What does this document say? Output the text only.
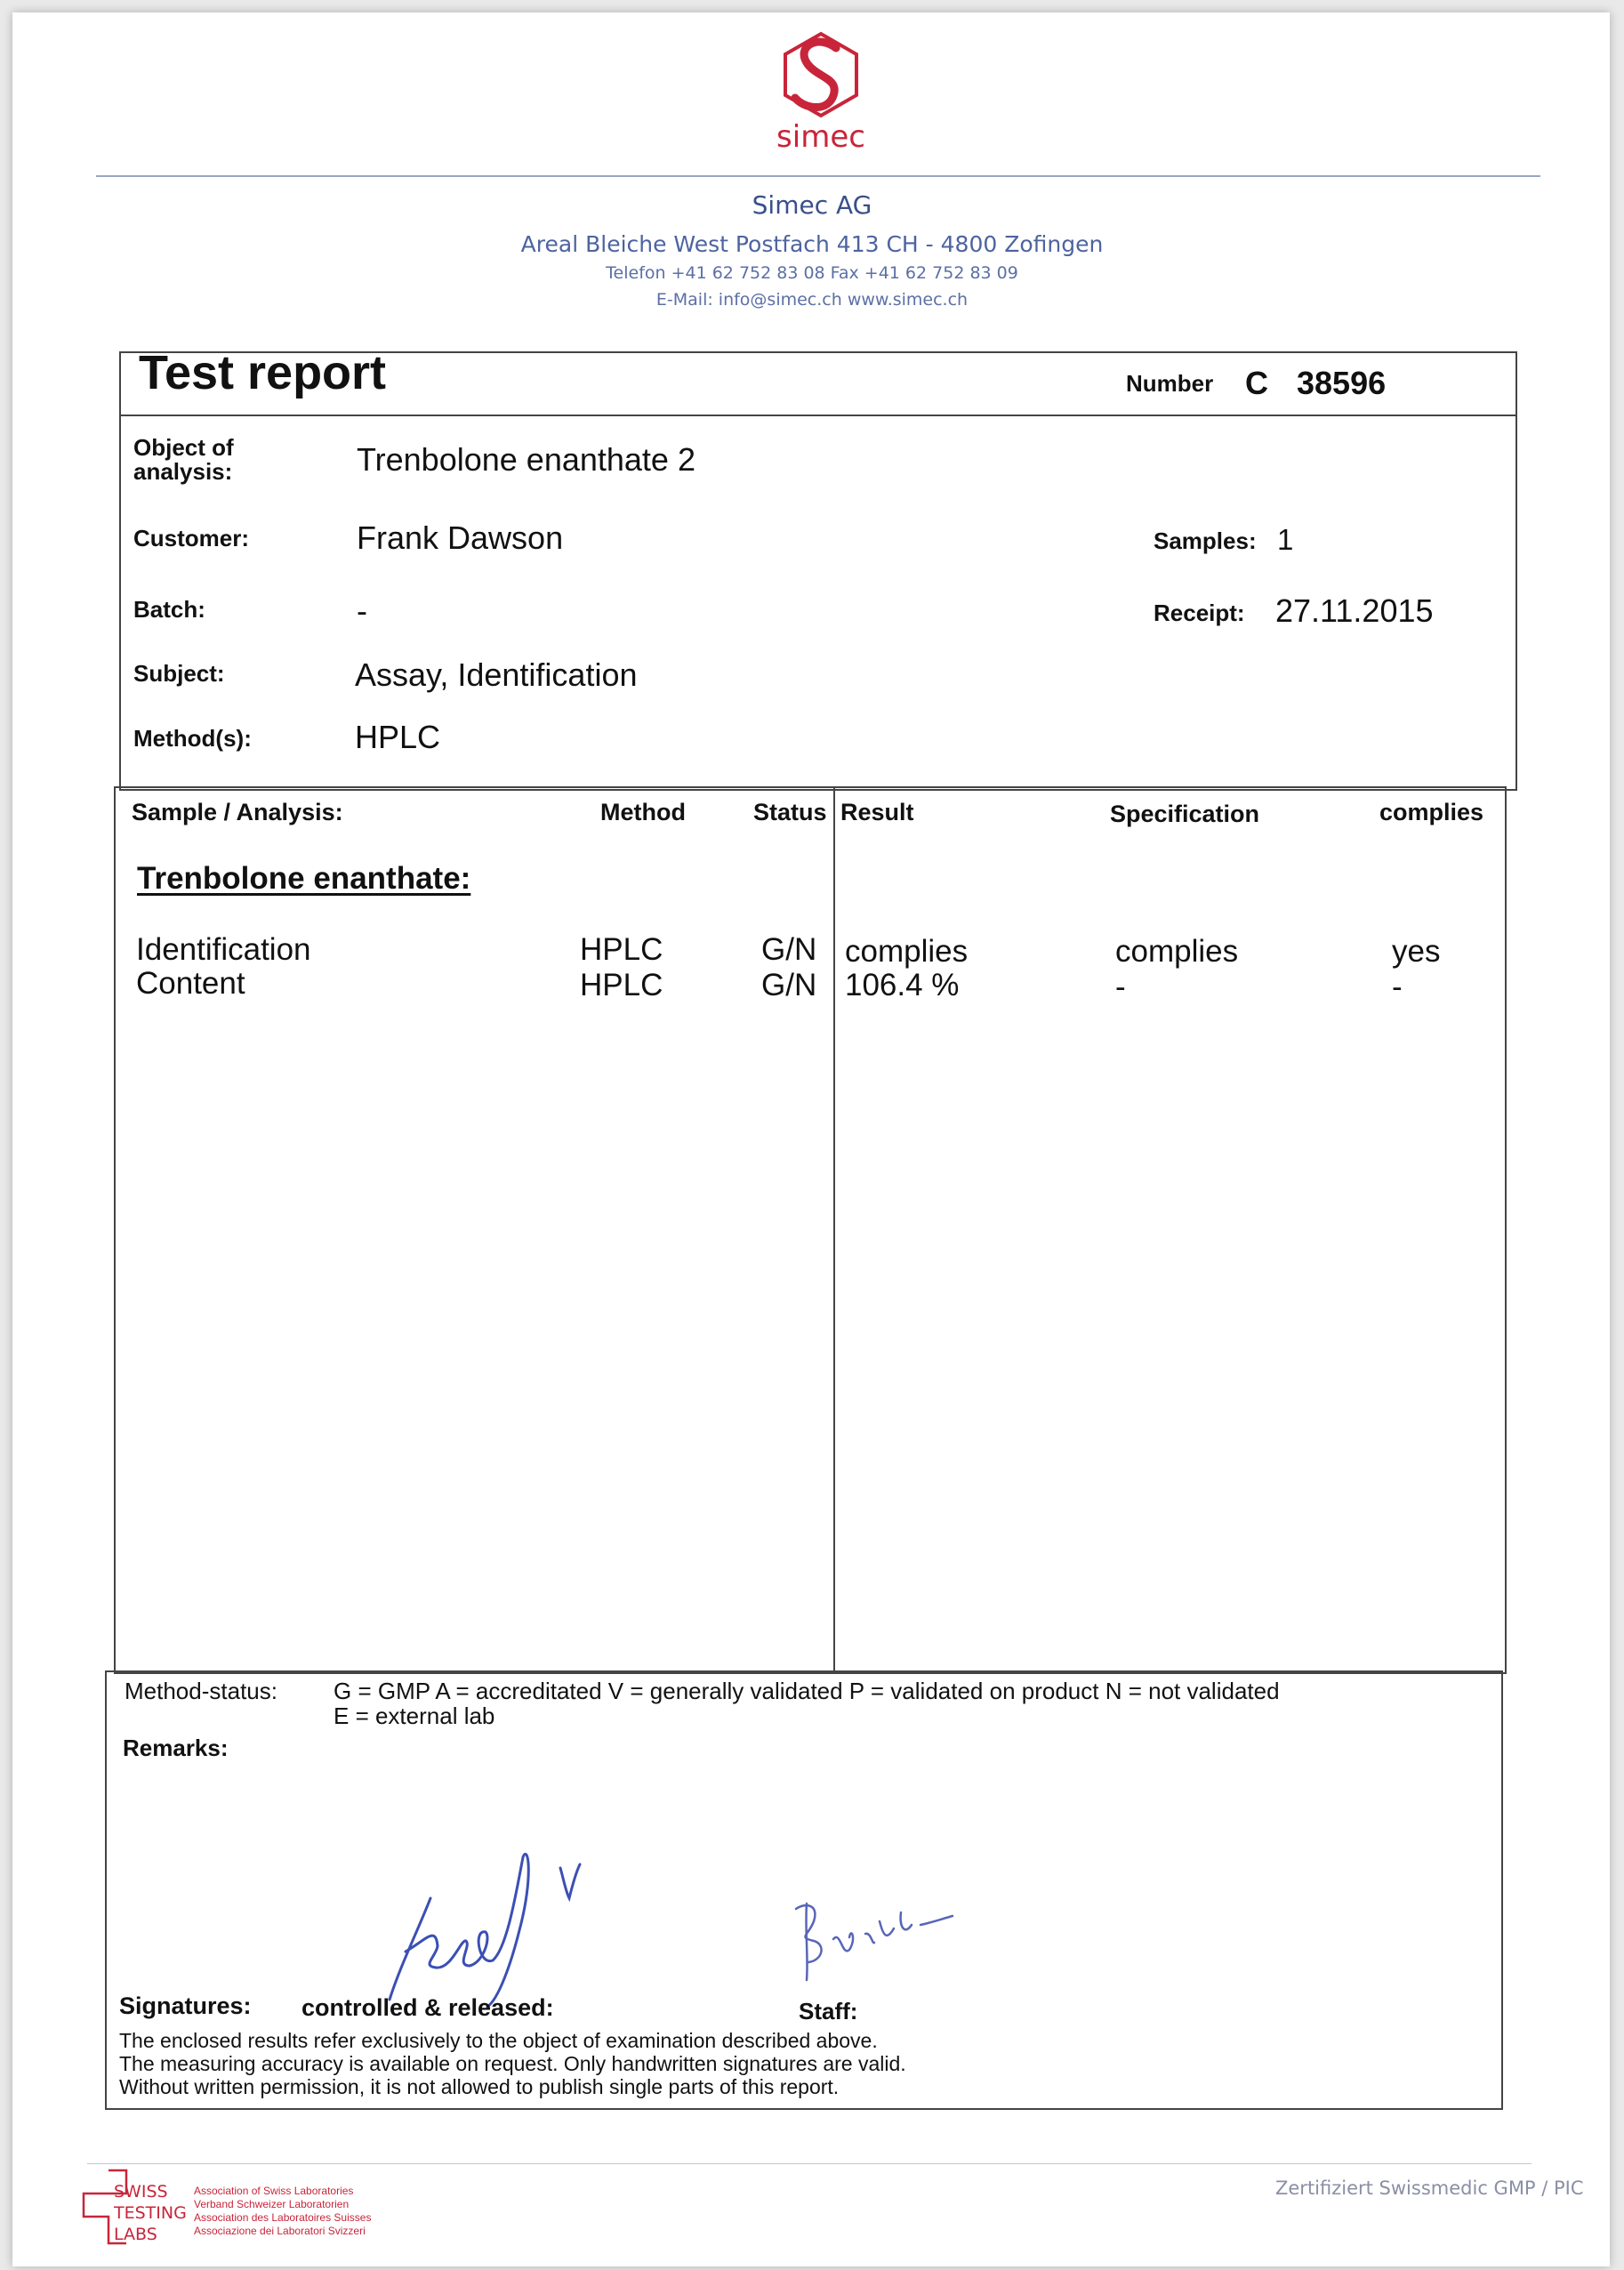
simec
Simec AG
Areal Bleiche West Postfach 413 CH - 4800 Zofingen
Telefon +41 62 752 83 08 Fax +41 62 752 83 09
E-Mail: info@simec.ch www.simec.ch
Test report	Number C 38596
Object of analysis:	Trenbolone enanthate 2
Customer:	Frank Dawson	Samples: 1
Batch:	-	Receipt: 27.11.2015
Subject:	Assay, Identification
Method(s):	HPLC
Sample / Analysis:	Method	Status Result	Specification	complies
Trenbolone enanthate:
Identification	HPLC	G/N complies	complies	yes
Content	HPLC	G/N 106.4 %	-	-
Method-status: G = GMP A = accreditated V = generally validated P = validated on product N = not validated
E = external lab
Remarks:
Signatures: controlled & released:	Staff:
The enclosed results refer exclusively to the object of examination described above.
The measuring accuracy is available on request. Only handwritten signatures are valid.
Without written permission, it is not allowed to publish single parts of this report.
SWISS
TESTING
LABS
Association of Swiss Laboratories
Verband Schweizer Laboratorien
Association des Laboratoires Suisses
Associazione dei Laboratori Svizzeri
Zertifiziert Swissmedic GMP / PIC
